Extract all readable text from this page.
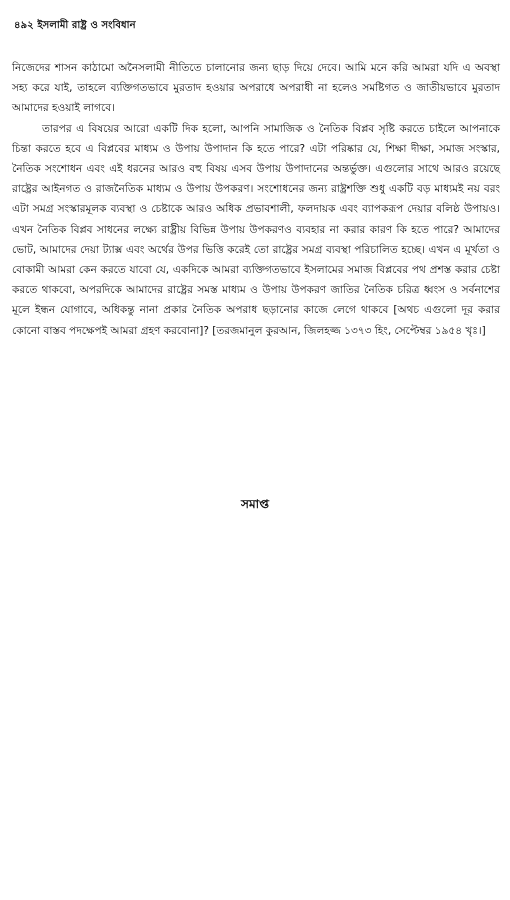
৪৯২ ইসলামী রাষ্ট্র ও সংবিধান

নিজেদের শাসন কাঠামো অনৈসলামী নীতিতে চালানোর জন্য ছাড় দিয়ে দেবে। আমি মনে করি আমরা যদি এ অবস্থা সহ্য করে যাই, তাহলে ব্যক্তিগতভাবে মুরতাদ হওয়ার অপরাধে অপরাধী না হলেও সমষ্টিগত ও জাতীয়ভাবে মুরতাদ আমাদের হওয়াই লাগবে।

তারপর এ বিষয়ের আরো একটি দিক হলো, আপনি সামাজিক ও নৈতিক বিপ্লব সৃষ্টি করতে চাইলে আপনাকে চিন্তা করতে হবে এ বিপ্লবের মাধ্যম ও উপায় উপাদান কি হতে পারে? এটা পরিষ্কার যে, শিক্ষা দীক্ষা, সমাজ সংস্কার, নৈতিক সংশোধন এবং এই ধরনের আরও বহু বিষয় এসব উপায় উপাদানের অন্তর্ভুক্ত। এগুলোর সাথে আরও রয়েছে রাষ্ট্রের আইনগত ও রাজনৈতিক মাধ্যম ও উপায় উপকরণ। সংশোধনের জন্য রাষ্ট্রশক্তি শুধু একটি বড় মাধ্যমই নয় বরং এটা সমগ্র সংস্কারমূলক ব্যবস্থা ও চেষ্টাকে আরও অধিক প্রভাবশালী, ফলদায়ক এবং ব্যাপকরূপ দেয়ার বলিষ্ঠ উপায়ও। এখন নৈতিক বিপ্লব সাধনের লক্ষ্যে রাষ্ট্রীয় বিভিন্ন উপায় উপকরণও ব্যবহার না করার কারণ কি হতে পারে? আমাদের ভোট, আমাদের দেয়া ট্যাক্স এবং অর্থের উপর ভিত্তি করেই তো রাষ্ট্রের সমগ্র ব্যবস্থা পরিচালিত হচ্ছে। এখন এ মূর্খতা ও বোকামী আমরা কেন করতে যাবো যে, একদিকে আমরা ব্যক্তিগতভাবে ইসলামের সমাজ বিপ্লবের পথ প্রশস্ত করার চেষ্টা করতে থাকবো, অপরদিকে আমাদের রাষ্ট্রের সমস্ত মাধ্যম ও উপায় উপকরণ জাতির নৈতিক চরিত্র ধ্বংস ও সর্বনাশের মূলে ইন্ধন যোগাবে, অধিকন্তু নানা প্রকার নৈতিক অপরাধ ছড়ানোর কাজে লেগে থাকবে [অথচ এগুলো দূর করার কোনো বাস্তব পদক্ষেপই আমরা গ্রহণ করবোনা]? [তরজমানুল কুরআন, জিলহজ্জ ১৩৭৩ হিং, সেপ্টেম্বর ১৯৫৪ খৃঃ।]

সমাপ্ত
